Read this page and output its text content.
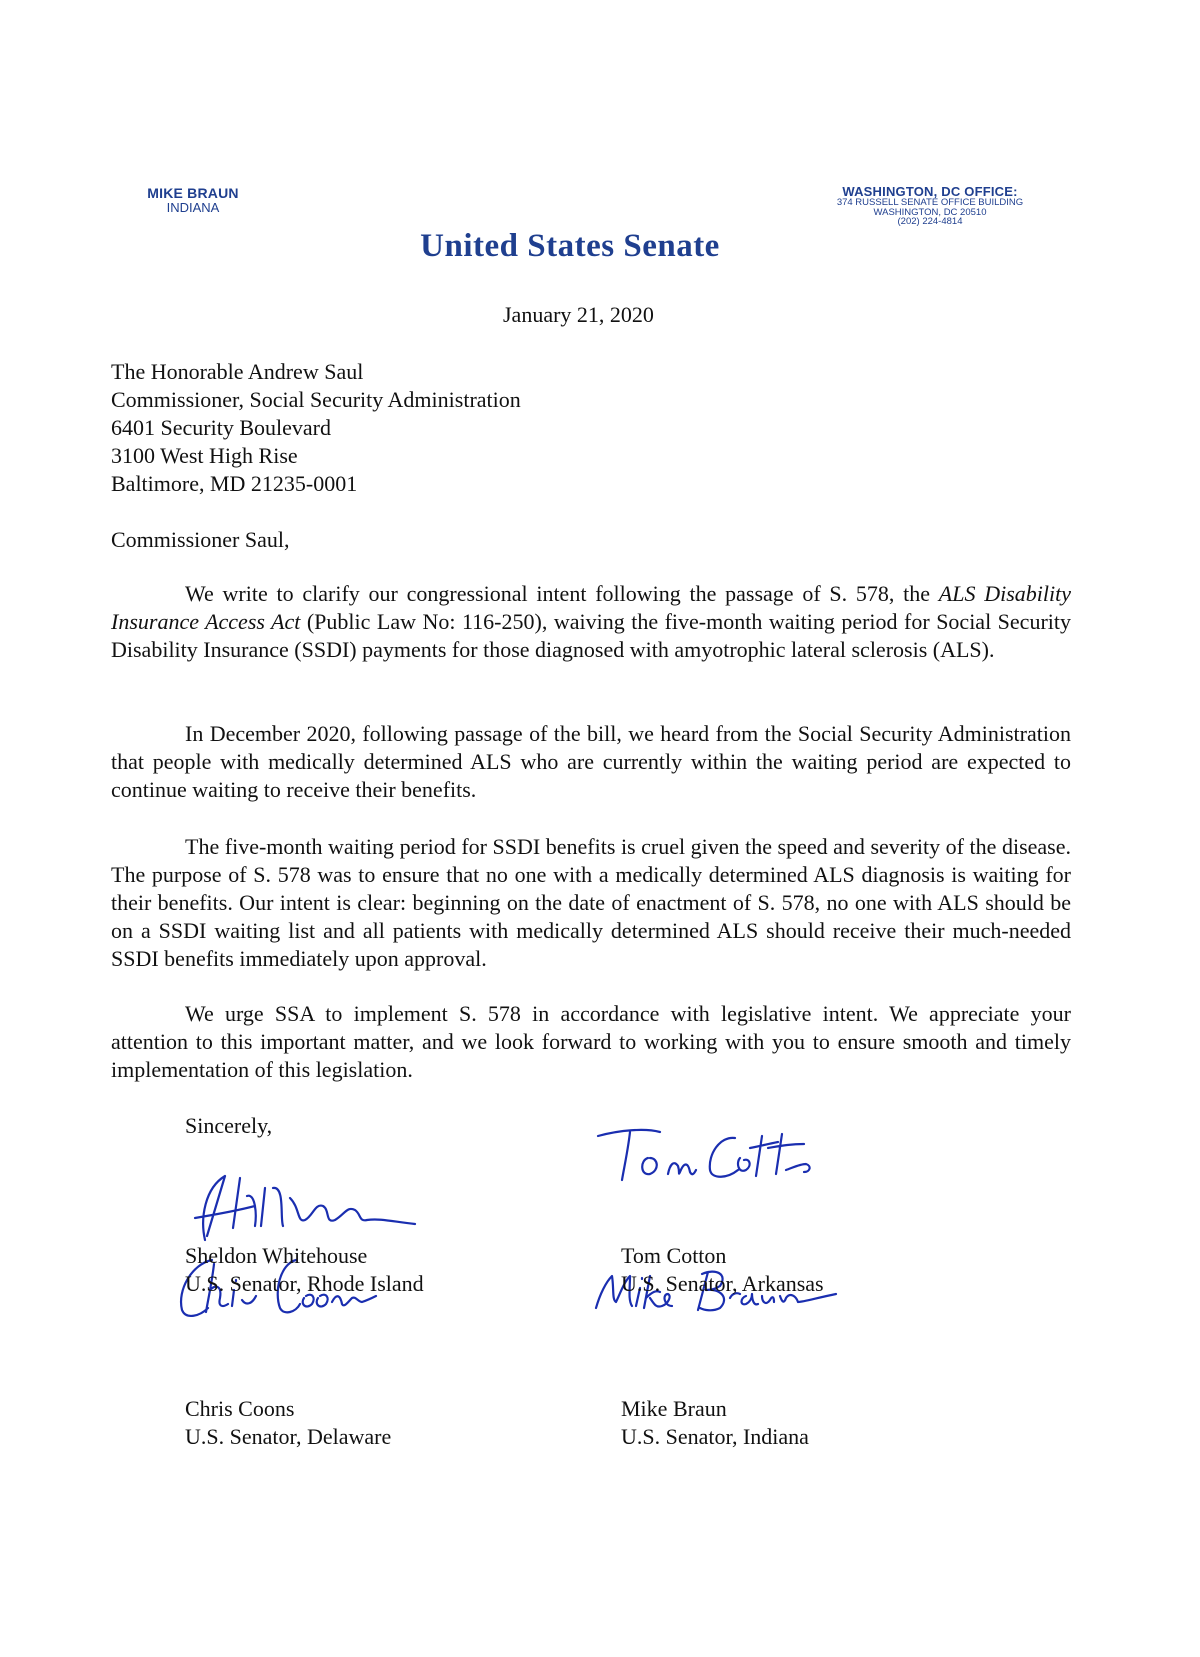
MIKE BRAUN
INDIANA
WASHINGTON, DC OFFICE:
374 RUSSELL SENATE OFFICE BUILDING
WASHINGTON, DC 20510
(202) 224-4814
United States Senate
January 21, 2020
The Honorable Andrew Saul
Commissioner, Social Security Administration
6401 Security Boulevard
3100 West High Rise
Baltimore, MD 21235-0001
Commissioner Saul,

We write to clarify our congressional intent following the passage of S. 578, the ALS Disability Insurance Access Act (Public Law No: 116-250), waiving the five-month waiting period for Social Security Disability Insurance (SSDI) payments for those diagnosed with amyotrophic lateral sclerosis (ALS).

In December 2020, following passage of the bill, we heard from the Social Security Administration that people with medically determined ALS who are currently within the waiting period are expected to continue waiting to receive their benefits.

The five-month waiting period for SSDI benefits is cruel given the speed and severity of the disease. The purpose of S. 578 was to ensure that no one with a medically determined ALS diagnosis is waiting for their benefits. Our intent is clear: beginning on the date of enactment of S. 578, no one with ALS should be on a SSDI waiting list and all patients with medically determined ALS should receive their much-needed SSDI benefits immediately upon approval.

We urge SSA to implement S. 578 in accordance with legislative intent. We appreciate your attention to this important matter, and we look forward to working with you to ensure smooth and timely implementation of this legislation.

Sincerely,
Sheldon Whitehouse
U.S. Senator, Rhode Island
Tom Cotton
U.S. Senator, Arkansas
Chris Coons
U.S. Senator, Delaware
Mike Braun
U.S. Senator, Indiana
